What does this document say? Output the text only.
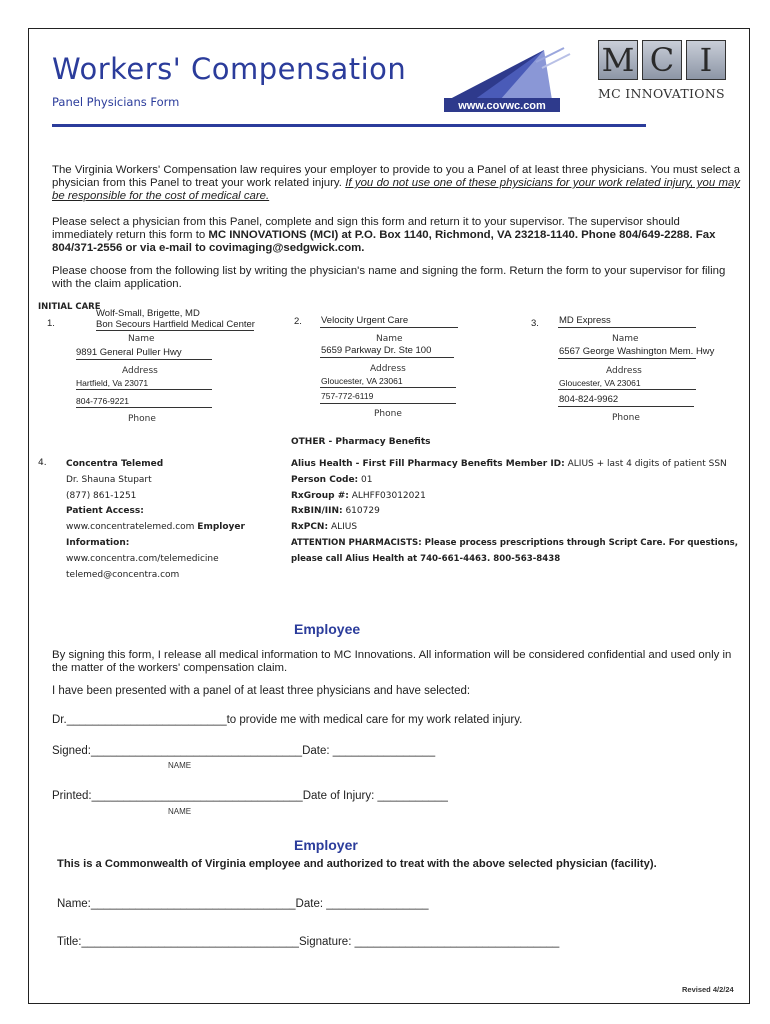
Workers' Compensation
Panel Physicians Form	www.covwc.com
M C I
MC INNOVATIONS
The Virginia Workers' Compensation law requires your employer to provide to you a Panel of at least three physicians. You must select a physician from this Panel to treat your work related injury. If you do not use one of these physicians for your work related injury, you may be responsible for the cost of medical care.
Please select a physician from this Panel, complete and sign this form and return it to your supervisor. The supervisor should immediately return this form to MC INNOVATIONS (MCI) at P.O. Box 1140, Richmond, VA 23218-1140. Phone 804/649-2288. Fax 804/371-2556 or via e-mail to covimaging@sedgwick.com.
Please choose from the following list by writing the physician's name and signing the form. Return the form to your supervisor for filing with the claim application.
INITIAL CARE
1.
Wolf-Small, Brigette, MD
Bon Secours Hartfield Medical Center
Name
9891 General Puller Hwy
Address
Hartfield, Va 23071
804-776-9221
Phone
2. Velocity Urgent Care
Name
5659 Parkway Dr. Ste 100
Address
Gloucester, VA 23061
757-772-6119
Phone
3. MD Express
Name
6567 George Washington Mem. Hwy
Address
Gloucester, VA 23061
804-824-9962
Phone
OTHER - Pharmacy Benefits
4. Concentra Telemed
Dr. Shauna Stupart
(877) 861-1251
Patient Access:
www.concentratelemed.com Employer
Information:
www.concentra.com/telemedicine
telemed@concentra.com
Alius Health - First Fill Pharmacy Benefits Member ID: ALIUS + last 4 digits of patient SSN
Person Code: 01
RxGroup #: ALHFF03012021
RxBIN/IIN: 610729
RxPCN: ALIUS
ATTENTION PHARMACISTS: Please process prescriptions through Script Care. For questions,
please call Alius Health at 740-661-4463. 800-563-8438
Employee
By signing this form, I release all medical information to MC Innovations. All information will be considered confidential and used only in the matter of the workers' compensation claim.
I have been presented with a panel of at least three physicians and have selected:
Dr._________________________to provide me with medical care for my work related injury.
Signed:_________________________________Date: ________________
NAME
Printed:_________________________________Date of Injury: ___________
NAME
Employer
This is a Commonwealth of Virginia employee and authorized to treat with the above selected physician (facility).
Name:________________________________Date: ________________
Title:__________________________________Signature: ________________________________
Revised 4/2/24
